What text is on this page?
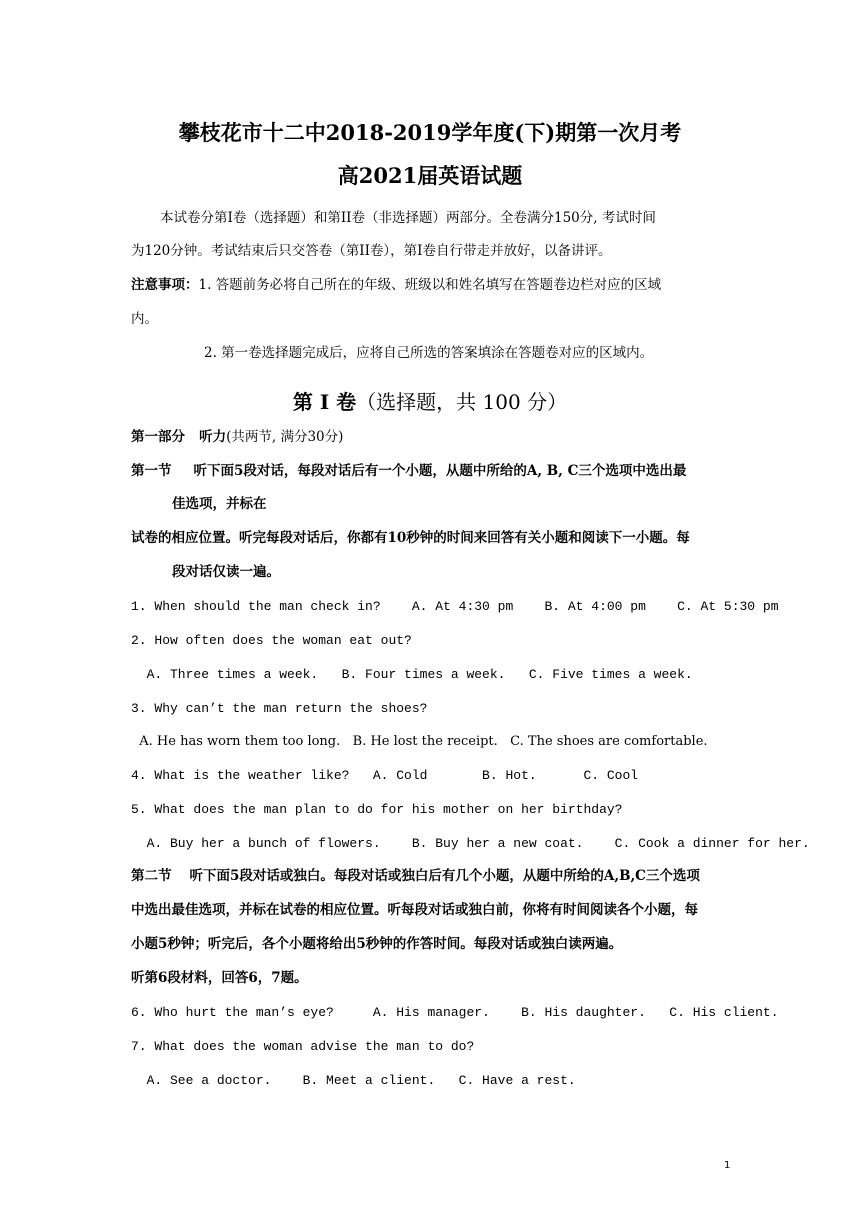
攀枝花市十二中2018-2019学年度(下)期第一次月考
高2021届英语试题
本试卷分第I卷（选择题）和第II卷（非选择题）两部分。全卷满分150分, 考试时间
为120分钟。考试结束后只交答卷（第II卷），第I卷自行带走并放好，以备讲评。
注意事项：1. 答题前务必将自己所在的年级、班级以和姓名填写在答题卷边栏对应的区域
内。
2. 第一卷选择题完成后，应将自己所选的答案填涂在答题卷对应的区域内。
第 I 卷（选择题，共 100 分）
第一部分   听力(共两节, 满分30分)
第一节 听下面5段对话，每段对话后有一个小题，从题中所给的A, B, C三个选项中选出最
佳选项，并标在
试卷的相应位置。听完每段对话后，你都有10秒钟的时间来回答有关小题和阅读下一小题。每
段对话仅读一遍。
1. When should the man check in?    A. At 4:30 pm    B. At 4:00 pm    C. At 5:30 pm
2. How often does the woman eat out?
A. Three times a week.   B. Four times a week.   C. Five times a week.
3. Why can’t the man return the shoes?
A. He has worn them too long.   B. He lost the receipt.   C. The shoes are comfortable.
4. What is the weather like?   A. Cold       B. Hot.      C. Cool
5. What does the man plan to do for his mother on her birthday?
A. Buy her a bunch of flowers.    B. Buy her a new coat.    C. Cook a dinner for her.
第二节 听下面5段对话或独白。每段对话或独白后有几个小题，从题中所给的A,B,C三个选项
中选出最佳选项，并标在试卷的相应位置。听每段对话或独白前，你将有时间阅读各个小题，每
小题5秒钟；听完后，各个小题将给出5秒钟的作答时间。每段对话或独白读两遍。
听第6段材料，回答6，7题。
6. Who hurt the man’s eye?     A. His manager.    B. His daughter.   C. His client.
7. What does the woman advise the man to do?
A. See a doctor.    B. Meet a client.   C. Have a rest.
1
